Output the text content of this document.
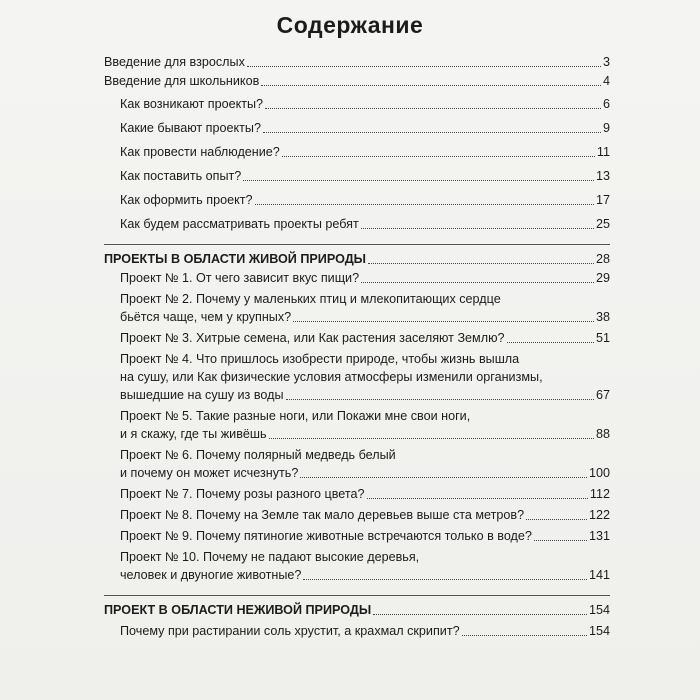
Содержание
Введение для взрослых	3
Введение для школьников	4
Как возникают проекты?	6
Какие бывают проекты?	9
Как провести наблюдение?	11
Как поставить опыт?	13
Как оформить проект?	17
Как будем рассматривать проекты ребят	25
ПРОЕКТЫ В ОБЛАСТИ ЖИВОЙ ПРИРОДЫ	28
Проект № 1. От чего зависит вкус пищи?	29
Проект № 2. Почему у маленьких птиц и млекопитающих сердце
бьётся чаще, чем у крупных?	38
Проект № 3. Хитрые семена, или Как растения заселяют Землю?	51
Проект № 4. Что пришлось изобрести природе, чтобы жизнь вышла
на сушу, или Как физические условия атмосферы изменили организмы,
вышедшие на сушу из воды	67
Проект № 5. Такие разные ноги, или Покажи мне свои ноги,
и я скажу, где ты живёшь	88
Проект № 6. Почему полярный медведь белый
и почему он может исчезнуть?	100
Проект № 7. Почему розы разного цвета?	112
Проект № 8. Почему на Земле так мало деревьев выше ста метров?	122
Проект № 9. Почему пятиногие животные встречаются только в воде?	131
Проект № 10. Почему не падают высокие деревья,
человек и двуногие животные?	141
ПРОЕКТ В ОБЛАСТИ НЕЖИВОЙ ПРИРОДЫ	154
Почему при растирании соль хрустит, а крахмал скрипит?	154
